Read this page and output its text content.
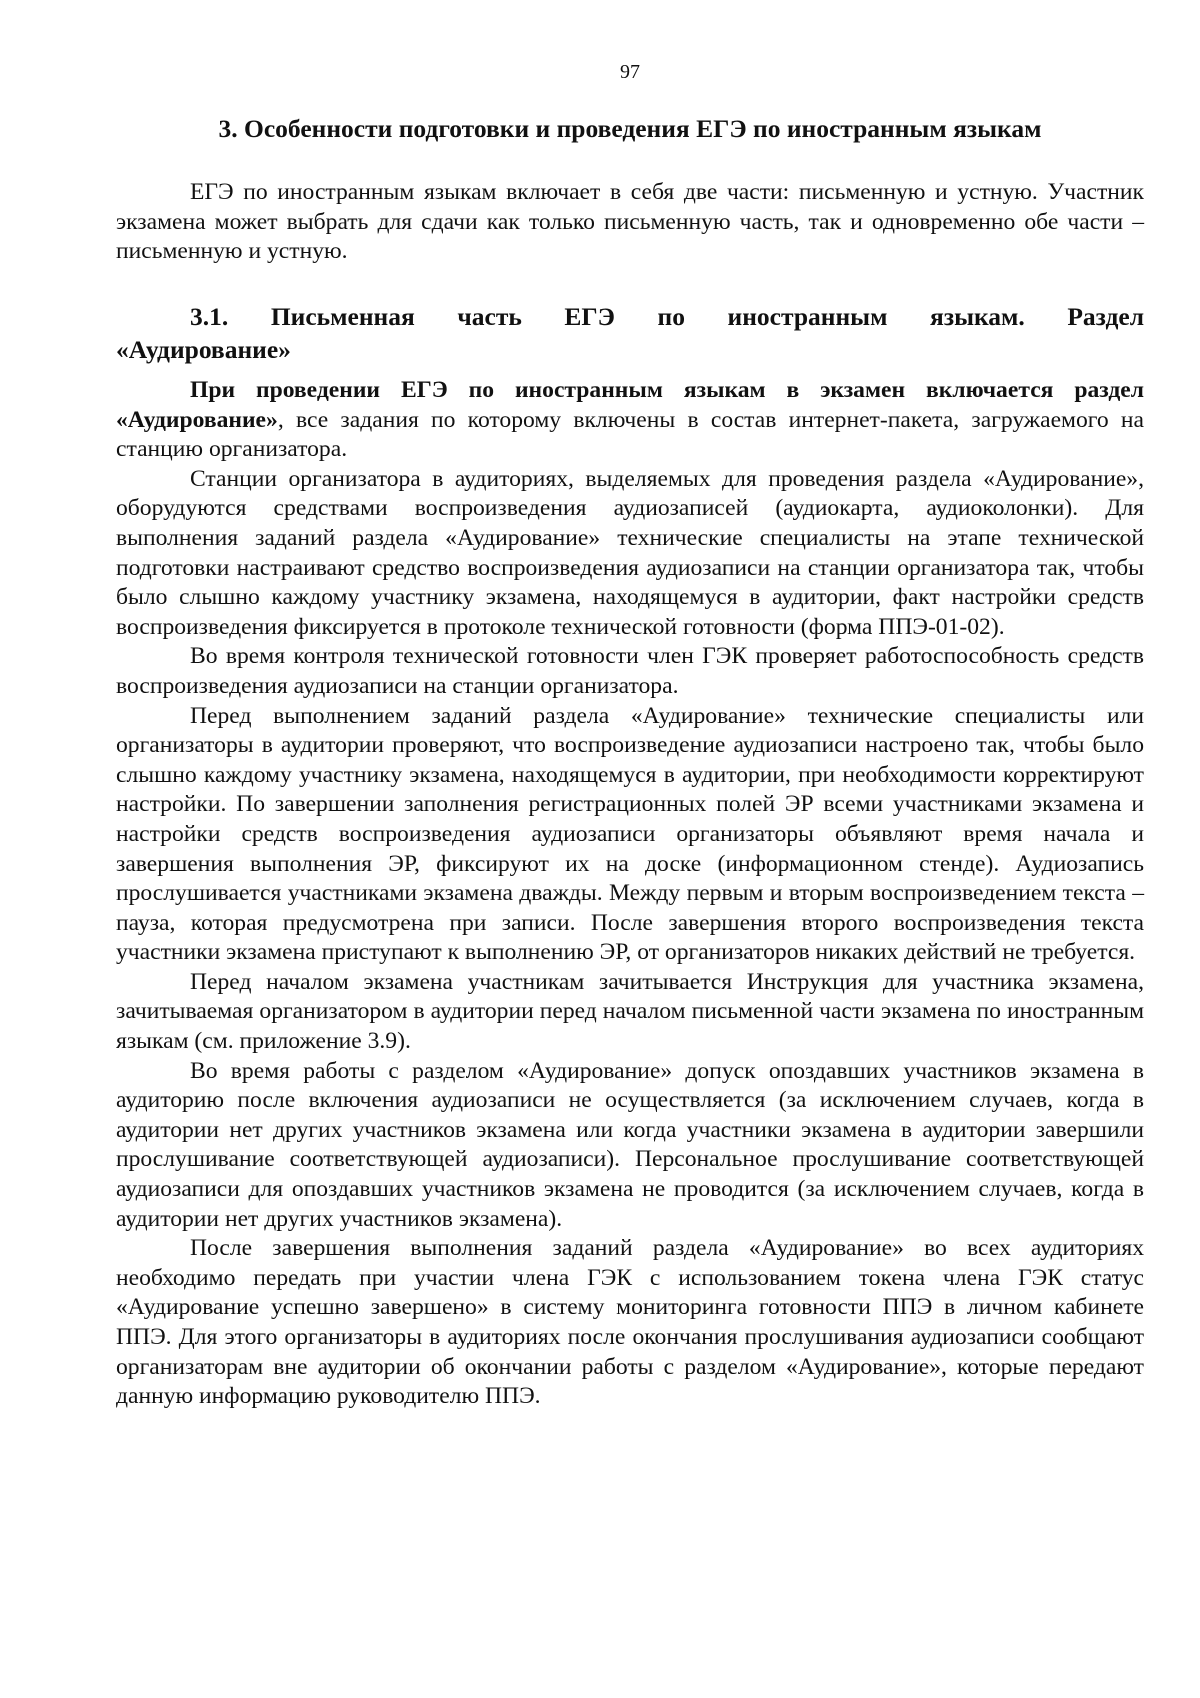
97
3. Особенности подготовки и проведения ЕГЭ по иностранным языкам

ЕГЭ по иностранным языкам включает в себя две части: письменную и устную. Участник экзамена может выбрать для сдачи как только письменную часть, так и одновременно обе части – письменную и устную.

3.1. Письменная часть ЕГЭ по иностранным языкам. Раздел
«Аудирование»

При проведении ЕГЭ по иностранным языкам в экзамен включается раздел «Аудирование», все задания по которому включены в состав интернет-пакета, загружаемого на станцию организатора.

Станции организатора в аудиториях, выделяемых для проведения раздела «Аудирование», оборудуются средствами воспроизведения аудиозаписей (аудиокарта, аудиоколонки). Для выполнения заданий раздела «Аудирование» технические специалисты на этапе технической подготовки настраивают средство воспроизведения аудиозаписи на станции организатора так, чтобы было слышно каждому участнику экзамена, находящемуся в аудитории, факт настройки средств воспроизведения фиксируется в протоколе технической готовности (форма ППЭ-01-02).

Во время контроля технической готовности член ГЭК проверяет работоспособность средств воспроизведения аудиозаписи на станции организатора.

Перед выполнением заданий раздела «Аудирование» технические специалисты или организаторы в аудитории проверяют, что воспроизведение аудиозаписи настроено так, чтобы было слышно каждому участнику экзамена, находящемуся в аудитории, при необходимости корректируют настройки. По завершении заполнения регистрационных полей ЭР всеми участниками экзамена и настройки средств воспроизведения аудиозаписи организаторы объявляют время начала и завершения выполнения ЭР, фиксируют их на доске (информационном стенде). Аудиозапись прослушивается участниками экзамена дважды. Между первым и вторым воспроизведением текста – пауза, которая предусмотрена при записи. После завершения второго воспроизведения текста участники экзамена приступают к выполнению ЭР, от организаторов никаких действий не требуется.

Перед началом экзамена участникам зачитывается Инструкция для участника экзамена, зачитываемая организатором в аудитории перед началом письменной части экзамена по иностранным языкам (см. приложение 3.9).

Во время работы с разделом «Аудирование» допуск опоздавших участников экзамена в аудиторию после включения аудиозаписи не осуществляется (за исключением случаев, когда в аудитории нет других участников экзамена или когда участники экзамена в аудитории завершили прослушивание соответствующей аудиозаписи). Персональное прослушивание соответствующей аудиозаписи для опоздавших участников экзамена не проводится (за исключением случаев, когда в аудитории нет других участников экзамена).

После завершения выполнения заданий раздела «Аудирование» во всех аудиториях необходимо передать при участии члена ГЭК с использованием токена члена ГЭК статус «Аудирование успешно завершено» в систему мониторинга готовности ППЭ в личном кабинете ППЭ. Для этого организаторы в аудиториях после окончания прослушивания аудиозаписи сообщают организаторам вне аудитории об окончании работы с разделом «Аудирование», которые передают данную информацию руководителю ППЭ.
